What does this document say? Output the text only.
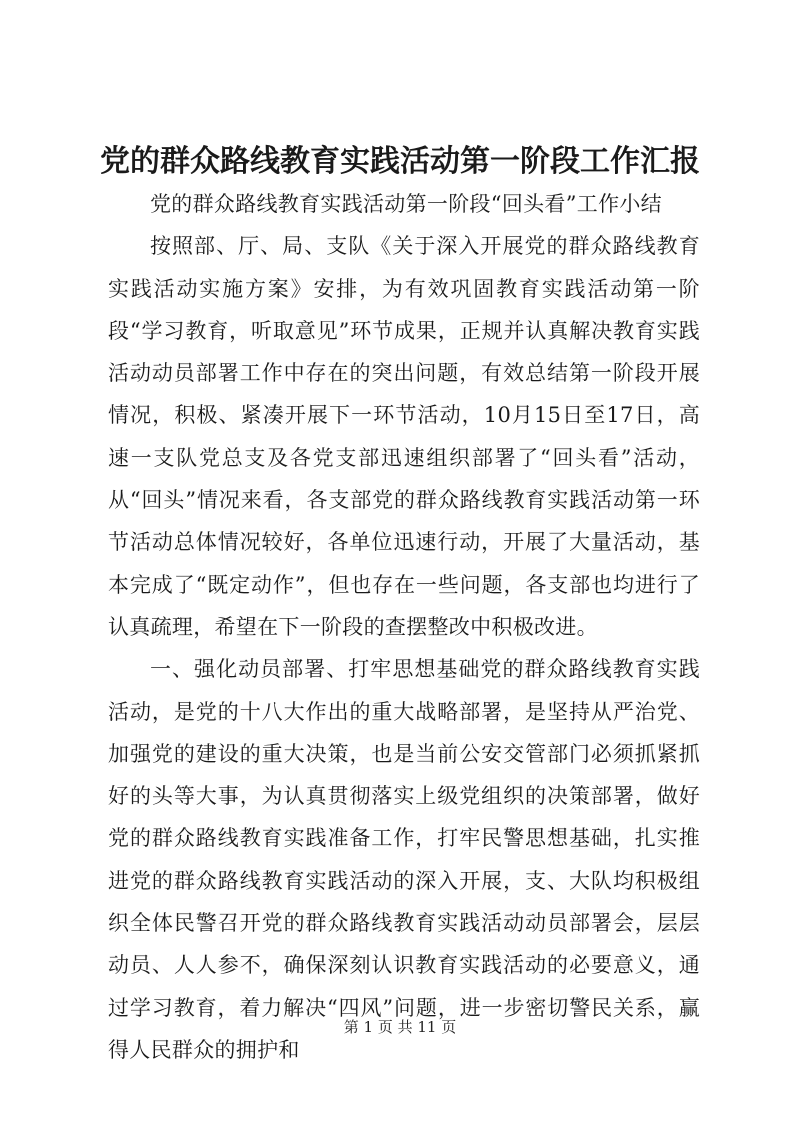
党的群众路线教育实践活动第一阶段工作汇报

党的群众路线教育实践活动第一阶段“回头看”工作小结

按照部、厅、局、支队《关于深入开展党的群众路线教育实践活动实施方案》安排，为有效巩固教育实践活动第一阶段“学习教育，听取意见”环节成果，正规并认真解决教育实践活动动员部署工作中存在的突出问题，有效总结第一阶段开展情况，积极、紧凑开展下一环节活动，10月15日至17日，高速一支队党总支及各党支部迅速组织部署了“回头看”活动，从“回头”情况来看，各支部党的群众路线教育实践活动第一环节活动总体情况较好，各单位迅速行动，开展了大量活动，基本完成了“既定动作”，但也存在一些问题，各支部也均进行了认真疏理，希望在下一阶段的查摆整改中积极改进。

一、强化动员部署、打牢思想基础党的群众路线教育实践活动，是党的十八大作出的重大战略部署，是坚持从严治党、加强党的建设的重大决策，也是当前公安交管部门必须抓紧抓好的头等大事，为认真贯彻落实上级党组织的决策部署，做好党的群众路线教育实践准备工作，打牢民警思想基础，扎实推进党的群众路线教育实践活动的深入开展，支、大队均积极组织全体民警召开党的群众路线教育实践活动动员部署会，层层动员、人人参不，确保深刻认识教育实践活动的必要意义，通过学习教育，着力解决“四风”问题，进一步密切警民关系，赢得人民群众的拥护和

第 1 页 共 11 页
